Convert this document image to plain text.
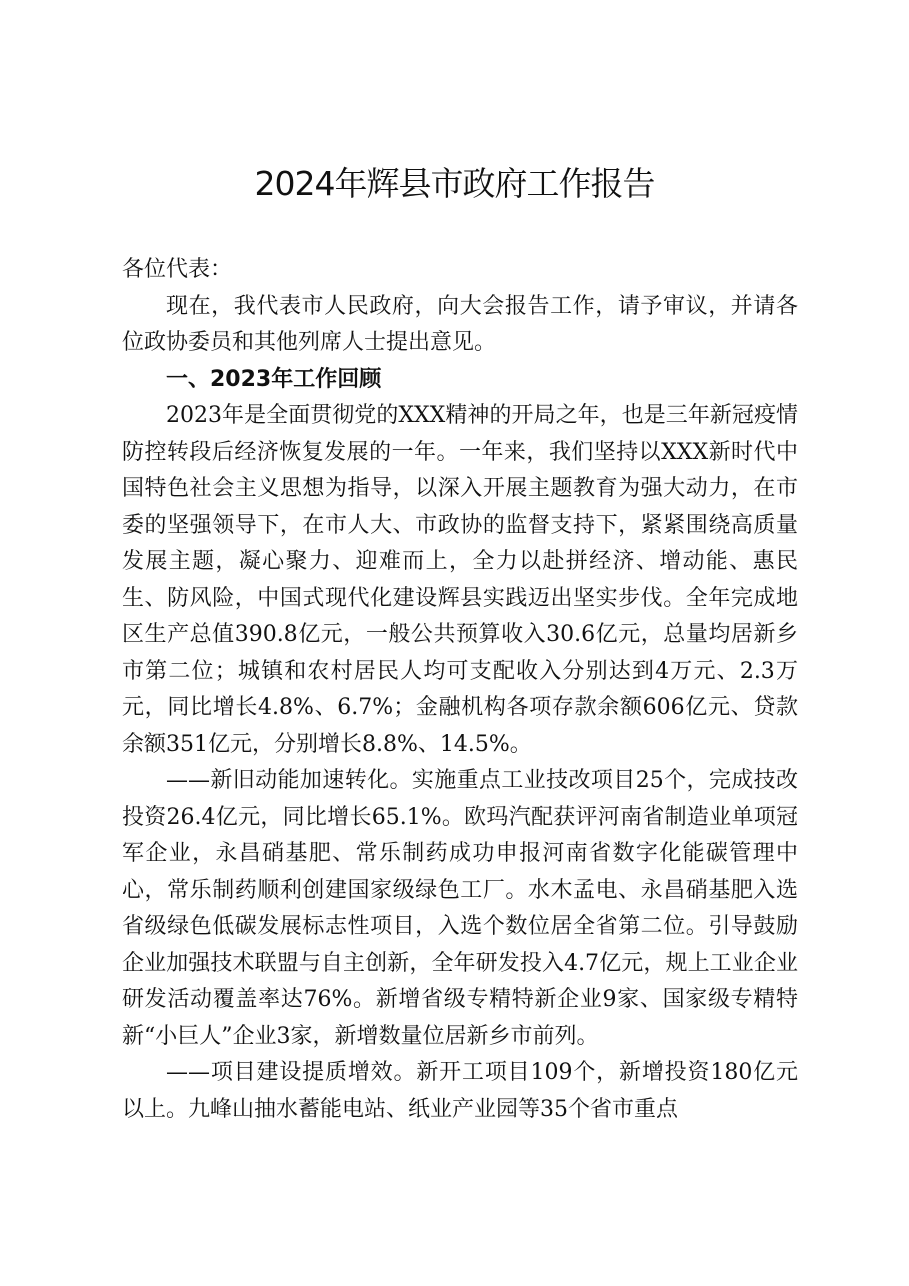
2024年辉县市政府工作报告

各位代表：

现在，我代表市人民政府，向大会报告工作，请予审议，并请各位政协委员和其他列席人士提出意见。

一、2023年工作回顾

2023年是全面贯彻党的XXX精神的开局之年，也是三年新冠疫情防控转段后经济恢复发展的一年。一年来，我们坚持以XXX新时代中国特色社会主义思想为指导，以深入开展主题教育为强大动力，在市委的坚强领导下，在市人大、市政协的监督支持下，紧紧围绕高质量发展主题，凝心聚力、迎难而上，全力以赴拼经济、增动能、惠民生、防风险，中国式现代化建设辉县实践迈出坚实步伐。全年完成地区生产总值390.8亿元，一般公共预算收入30.6亿元，总量均居新乡市第二位；城镇和农村居民人均可支配收入分别达到4万元、2.3万元，同比增长4.8%、6.7%；金融机构各项存款余额606亿元、贷款余额351亿元，分别增长8.8%、14.5%。

——新旧动能加速转化。实施重点工业技改项目25个，完成技改投资26.4亿元，同比增长65.1%。欧玛汽配获评河南省制造业单项冠军企业，永昌硝基肥、常乐制药成功申报河南省数字化能碳管理中心，常乐制药顺利创建国家级绿色工厂。水木孟电、永昌硝基肥入选省级绿色低碳发展标志性项目，入选个数位居全省第二位。引导鼓励企业加强技术联盟与自主创新，全年研发投入4.7亿元，规上工业企业研发活动覆盖率达76%。新增省级专精特新企业9家、国家级专精特新“小巨人”企业3家，新增数量位居新乡市前列。

——项目建设提质增效。新开工项目109个，新增投资180亿元以上。九峰山抽水蓄能电站、纸业产业园等35个省市重点
